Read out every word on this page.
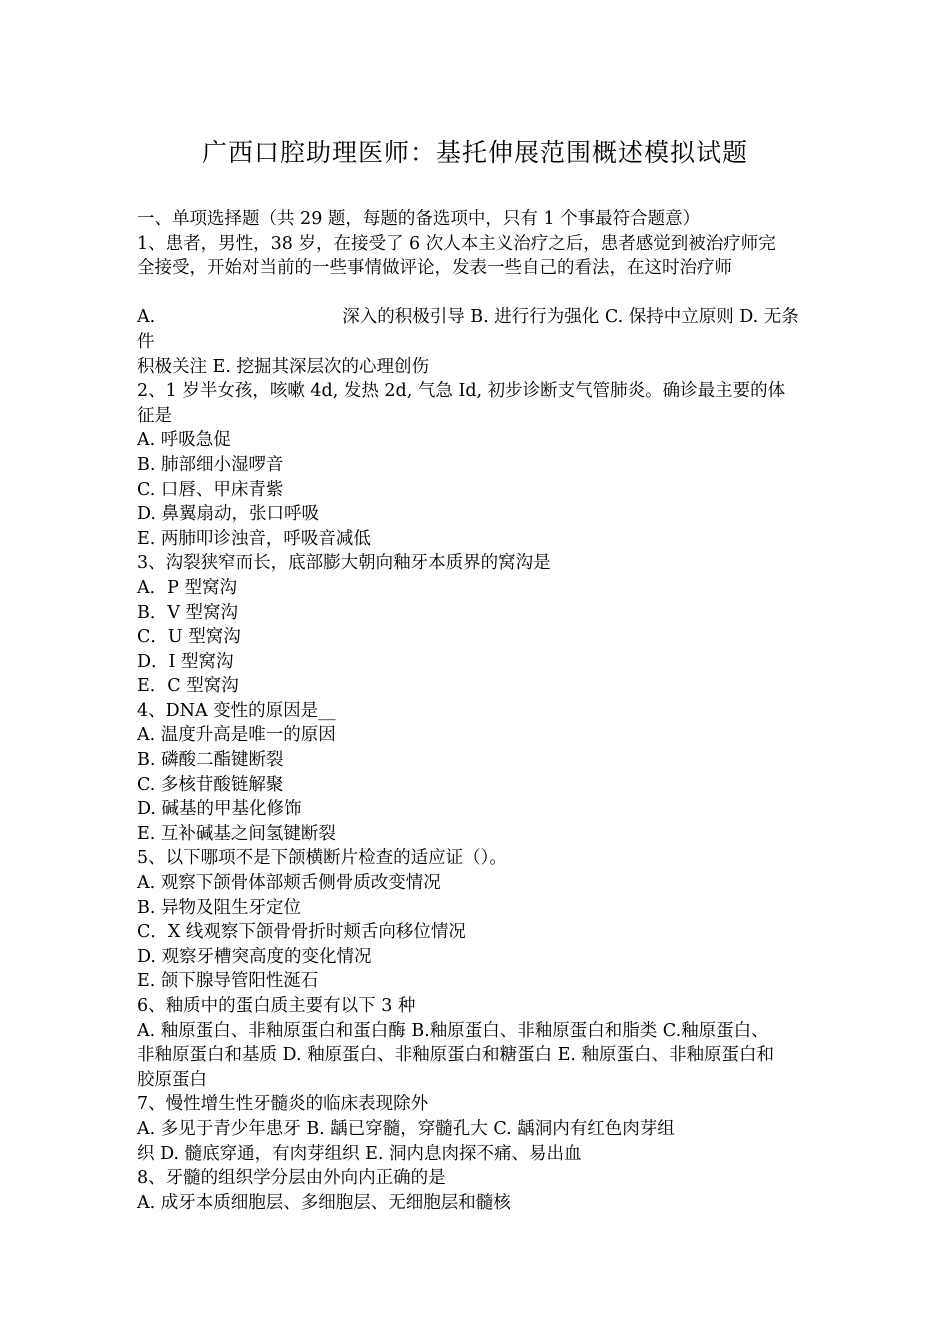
广西口腔助理医师：基托伸展范围概述模拟试题
一、单项选择题（共 29 题，每题的备选项中，只有 1 个事最符合题意）
1、患者，男性，38 岁，在接受了 6 次人本主义治疗之后，患者感觉到被治疗师完
全接受，开始对当前的一些事情做评论，发表一些自己的看法，在这时治疗师
A.	深入的积极引导 B. 进行行为强化 C. 保持中立原则 D. 无条
件
积极关注 E. 挖掘其深层次的心理创伤
2、1 岁半女孩，咳嗽 4d, 发热 2d, 气急 Id, 初步诊断支气管肺炎。确诊最主要的体
征是
A. 呼吸急促
B. 肺部细小湿啰音
C. 口唇、甲床青紫
D. 鼻翼扇动，张口呼吸
E. 两肺叩诊浊音，呼吸音减低
3、沟裂狭窄而长，底部膨大朝向釉牙本质界的窝沟是
A．P 型窝沟
B．V 型窝沟
C．U 型窝沟
D．I 型窝沟
E．C 型窝沟
4、DNA 变性的原因是__
A. 温度升高是唯一的原因
B. 磷酸二酯键断裂
C. 多核苷酸链解聚
D. 碱基的甲基化修饰
E. 互补碱基之间氢键断裂
5、以下哪项不是下颌横断片检查的适应证（）。
A. 观察下颌骨体部颊舌侧骨质改变情况
B. 异物及阻生牙定位
C．X 线观察下颌骨骨折时颊舌向移位情况
D. 观察牙槽突高度的变化情况
E. 颌下腺导管阳性涎石
6、釉质中的蛋白质主要有以下 3 种
A. 釉原蛋白、非釉原蛋白和蛋白酶 B.釉原蛋白、非釉原蛋白和脂类 C.釉原蛋白、
非釉原蛋白和基质 D. 釉原蛋白、非釉原蛋白和糖蛋白 E. 釉原蛋白、非釉原蛋白和
胶原蛋白
7、慢性增生性牙髓炎的临床表现除外
A. 多见于青少年患牙 B. 龋已穿髓，穿髓孔大 C. 龋洞内有红色肉芽组
织 D. 髓底穿通，有肉芽组织 E. 洞内息肉探不痛、易出血
8、牙髓的组织学分层由外向内正确的是
A. 成牙本质细胞层、多细胞层、无细胞层和髓核
